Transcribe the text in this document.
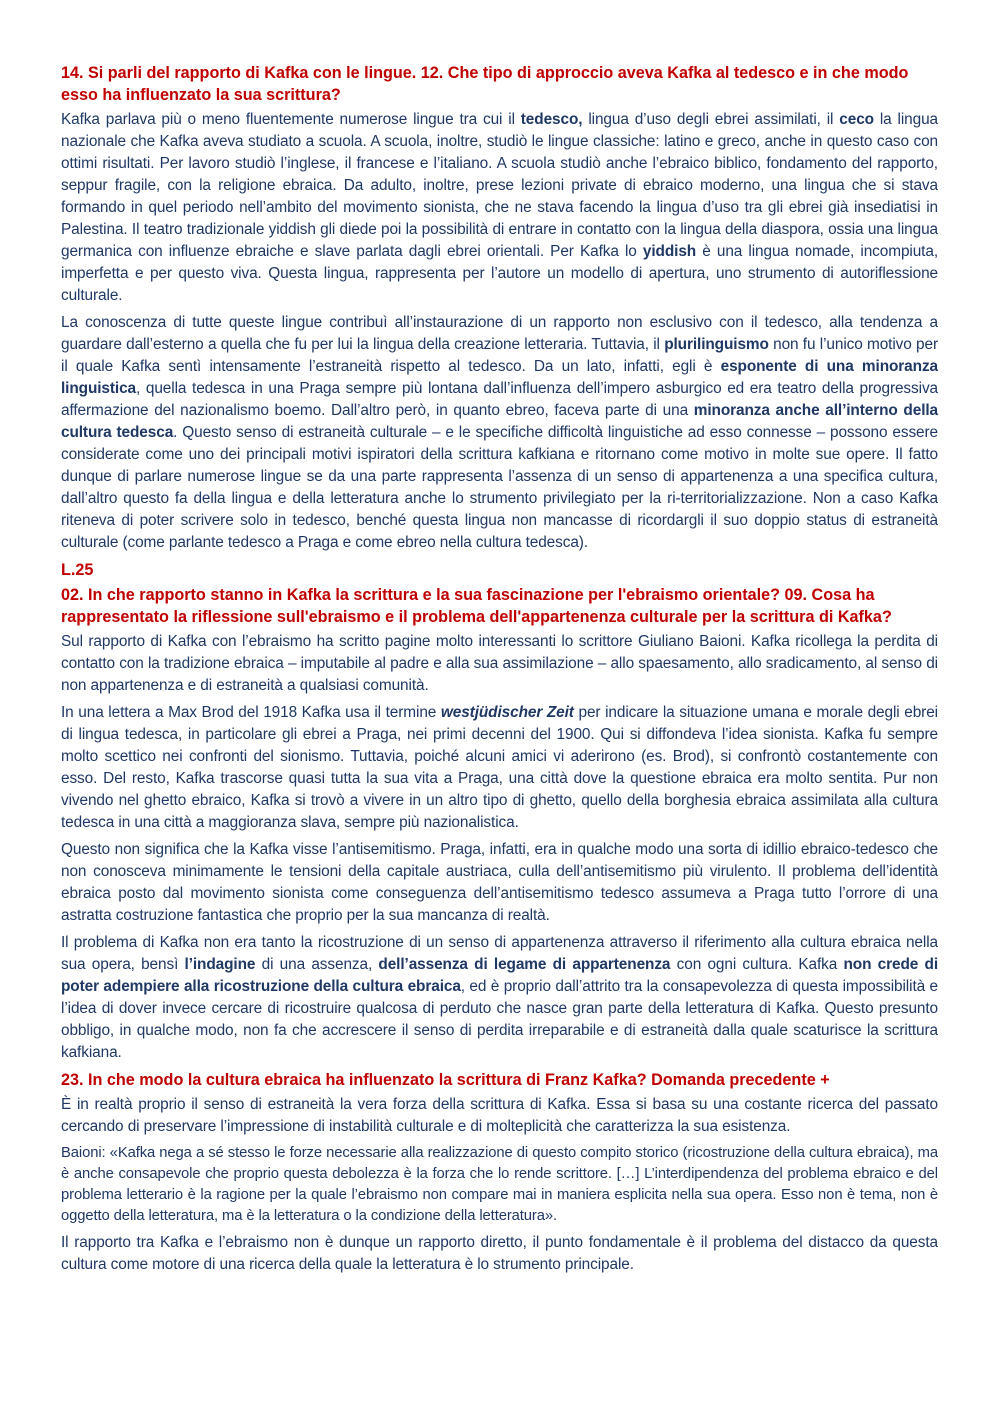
14. Si parli del rapporto di Kafka con le lingue. 12. Che tipo di approccio aveva Kafka al tedesco e in che modo esso ha influenzato la sua scrittura?

Kafka parlava più o meno fluentemente numerose lingue tra cui il tedesco, lingua d’uso degli ebrei assimilati, il ceco la lingua nazionale che Kafka aveva studiato a scuola. A scuola, inoltre, studiò le lingue classiche: latino e greco, anche in questo caso con ottimi risultati. Per lavoro studiò l’inglese, il francese e l’italiano. A scuola studiò anche l’ebraico biblico, fondamento del rapporto, seppur fragile, con la religione ebraica. Da adulto, inoltre, prese lezioni private di ebraico moderno, una lingua che si stava formando in quel periodo nell’ambito del movimento sionista, che ne stava facendo la lingua d’uso tra gli ebrei già insediatisi in Palestina. Il teatro tradizionale yiddish gli diede poi la possibilità di entrare in contatto con la lingua della diaspora, ossia una lingua germanica con influenze ebraiche e slave parlata dagli ebrei orientali. Per Kafka lo yiddish è una lingua nomade, incompiuta, imperfetta e per questo viva. Questa lingua, rappresenta per l’autore un modello di apertura, uno strumento di autoriflessione culturale.

La conoscenza di tutte queste lingue contribuì all’instaurazione di un rapporto non esclusivo con il tedesco, alla tendenza a guardare dall’esterno a quella che fu per lui la lingua della creazione letteraria. Tuttavia, il plurilinguismo non fu l’unico motivo per il quale Kafka sentì intensamente l’estraneità rispetto al tedesco. Da un lato, infatti, egli è esponente di una minoranza linguistica, quella tedesca in una Praga sempre più lontana dall’influenza dell’impero asburgico ed era teatro della progressiva affermazione del nazionalismo boemo. Dall’altro però, in quanto ebreo, faceva parte di una minoranza anche all’interno della cultura tedesca. Questo senso di estraneità culturale – e le specifiche difficoltà linguistiche ad esso connesse – possono essere considerate come uno dei principali motivi ispiratori della scrittura kafkiana e ritornano come motivo in molte sue opere. Il fatto dunque di parlare numerose lingue se da una parte rappresenta l’assenza di un senso di appartenenza a una specifica cultura, dall’altro questo fa della lingua e della letteratura anche lo strumento privilegiato per la ri-territorializzazione. Non a caso Kafka riteneva di poter scrivere solo in tedesco, benché questa lingua non mancasse di ricordargli il suo doppio status di estraneità culturale (come parlante tedesco a Praga e come ebreo nella cultura tedesca).

L.25
02. In che rapporto stanno in Kafka la scrittura e la sua fascinazione per l'ebraismo orientale? 09. Cosa ha rappresentato la riflessione sull'ebraismo e il problema dell'appartenenza culturale per la scrittura di Kafka?

Sul rapporto di Kafka con l’ebraismo ha scritto pagine molto interessanti lo scrittore Giuliano Baioni. Kafka ricollega la perdita di contatto con la tradizione ebraica – imputabile al padre e alla sua assimilazione – allo spaesamento, allo sradicamento, al senso di non appartenenza e di estraneità a qualsiasi comunità.

In una lettera a Max Brod del 1918 Kafka usa il termine westjüdischer Zeit per indicare la situazione umana e morale degli ebrei di lingua tedesca, in particolare gli ebrei a Praga, nei primi decenni del 1900. Qui si diffondeva l’idea sionista. Kafka fu sempre molto scettico nei confronti del sionismo. Tuttavia, poiché alcuni amici vi aderirono (es. Brod), si confrontò costantemente con esso. Del resto, Kafka trascorse quasi tutta la sua vita a Praga, una città dove la questione ebraica era molto sentita. Pur non vivendo nel ghetto ebraico, Kafka si trovò a vivere in un altro tipo di ghetto, quello della borghesia ebraica assimilata alla cultura tedesca in una città a maggioranza slava, sempre più nazionalistica.

Questo non significa che la Kafka visse l’antisemitismo. Praga, infatti, era in qualche modo una sorta di idillio ebraico-tedesco che non conosceva minimamente le tensioni della capitale austriaca, culla dell’antisemitismo più virulento. Il problema dell’identità ebraica posto dal movimento sionista come conseguenza dell’antisemitismo tedesco assumeva a Praga tutto l’orrore di una astratta costruzione fantastica che proprio per la sua mancanza di realtà.

Il problema di Kafka non era tanto la ricostruzione di un senso di appartenenza attraverso il riferimento alla cultura ebraica nella sua opera, bensì l’indagine di una assenza, dell’assenza di legame di appartenenza con ogni cultura. Kafka non crede di poter adempiere alla ricostruzione della cultura ebraica, ed è proprio dall’attrito tra la consapevolezza di questa impossibilità e l’idea di dover invece cercare di ricostruire qualcosa di perduto che nasce gran parte della letteratura di Kafka. Questo presunto obbligo, in qualche modo, non fa che accrescere il senso di perdita irreparabile e di estraneità dalla quale scaturisce la scrittura kafkiana.

23. In che modo la cultura ebraica ha influenzato la scrittura di Franz Kafka? Domanda precedente +

È in realtà proprio il senso di estraneità la vera forza della scrittura di Kafka. Essa si basa su una costante ricerca del passato cercando di preservare l’impressione di instabilità culturale e di molteplicità che caratterizza la sua esistenza.

Baioni: «Kafka nega a sé stesso le forze necessarie alla realizzazione di questo compito storico (ricostruzione della cultura ebraica), ma è anche consapevole che proprio questa debolezza è la forza che lo rende scrittore. […] L’interdipendenza del problema ebraico e del problema letterario è la ragione per la quale l’ebraismo non compare mai in maniera esplicita nella sua opera. Esso non è tema, non è oggetto della letteratura, ma è la letteratura o la condizione della letteratura».

Il rapporto tra Kafka e l’ebraismo non è dunque un rapporto diretto, il punto fondamentale è il problema del distacco da questa cultura come motore di una ricerca della quale la letteratura è lo strumento principale.
